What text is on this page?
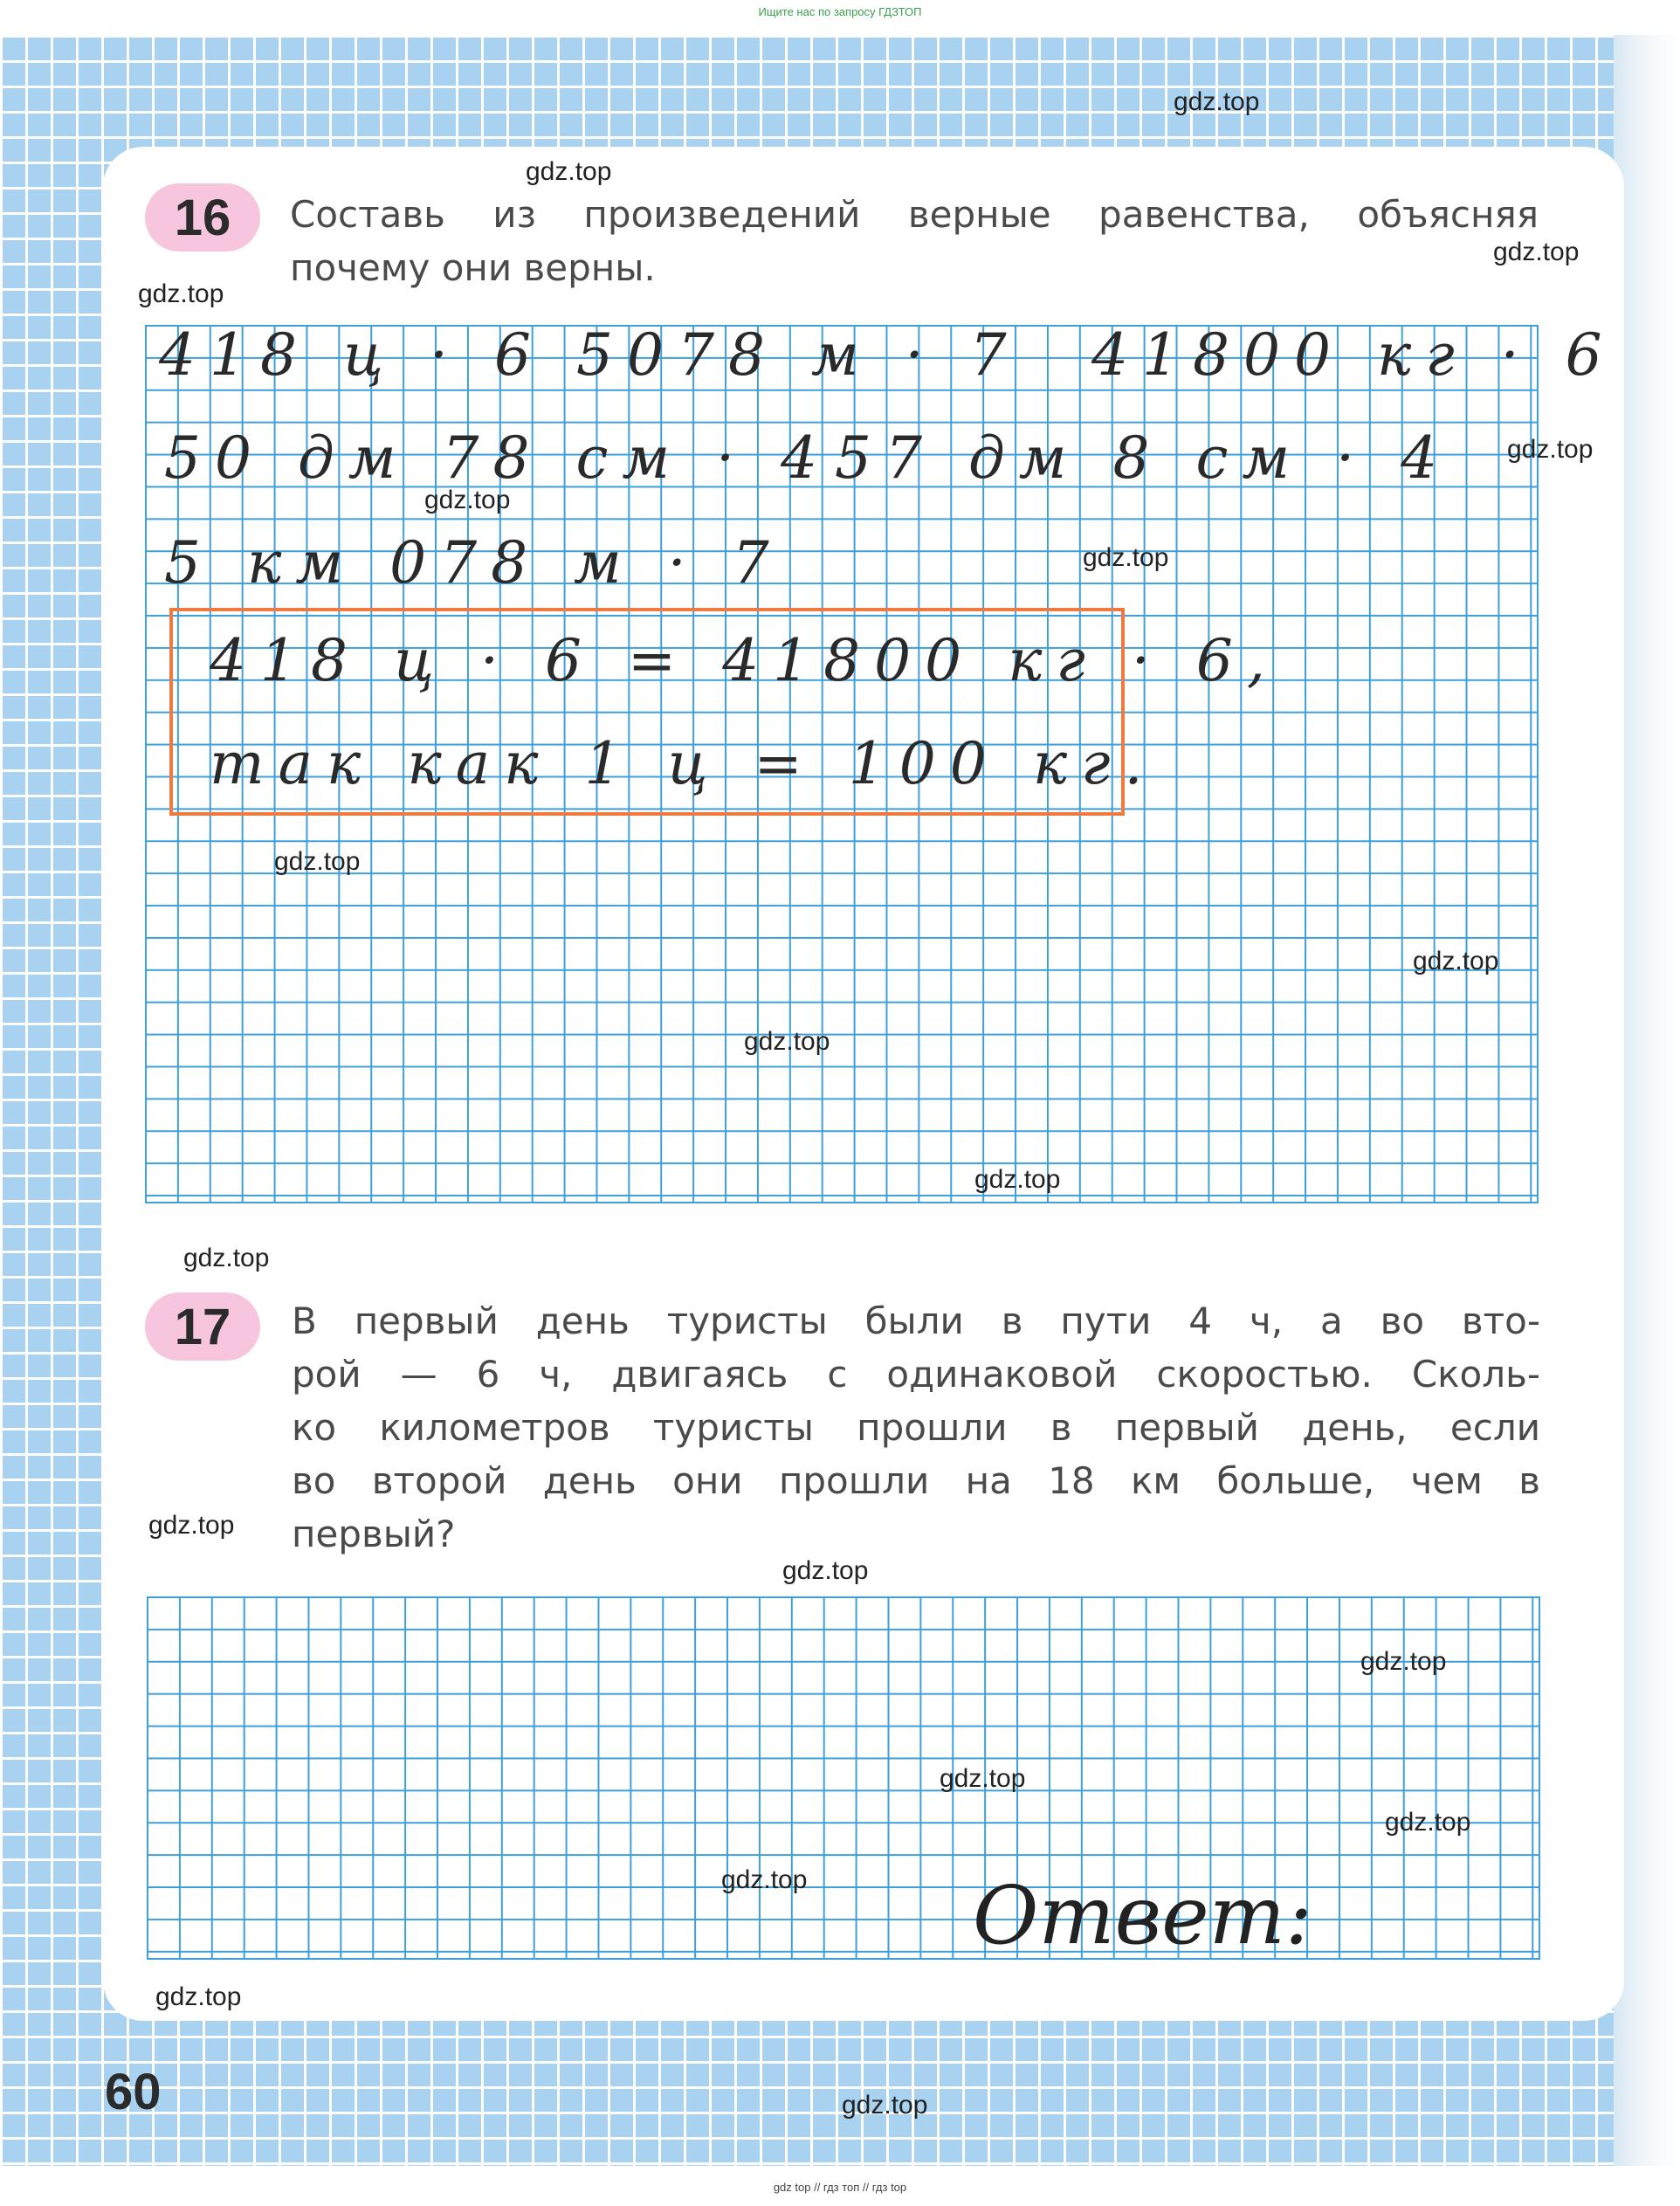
Ищите нас по запросу ГДЗТОП
16	Составь из произведений верные равенства, объясняя
почему они верны.
418 ц · 6 5078 м · 7 41800 кг · 6
50 дм 78 см · 4 57 дм 8 см · 4
5 км 078 м · 7
418 ц · 6 = 41800 кг · 6,
так как 1 ц = 100 кг.
17	В первый день туристы были в пути 4 ч, а во вто-
рой — 6 ч, двигаясь с одинаковой скоростью. Сколь-
ко километров туристы прошли в первый день, если
во второй день они прошли на 18 км больше, чем в
первый?
Ответ:
60
gdz.top
gdz.top
gdz.top
gdz.top
gdz.top
gdz.top
gdz.top
gdz.top
gdz.top
gdz.top
gdz.top
gdz.top
gdz.top
gdz.top
gdz.top
gdz.top
gdz.top
gdz.top
gdz.top
gdz.top
gdz top // гдз топ // гдз top
